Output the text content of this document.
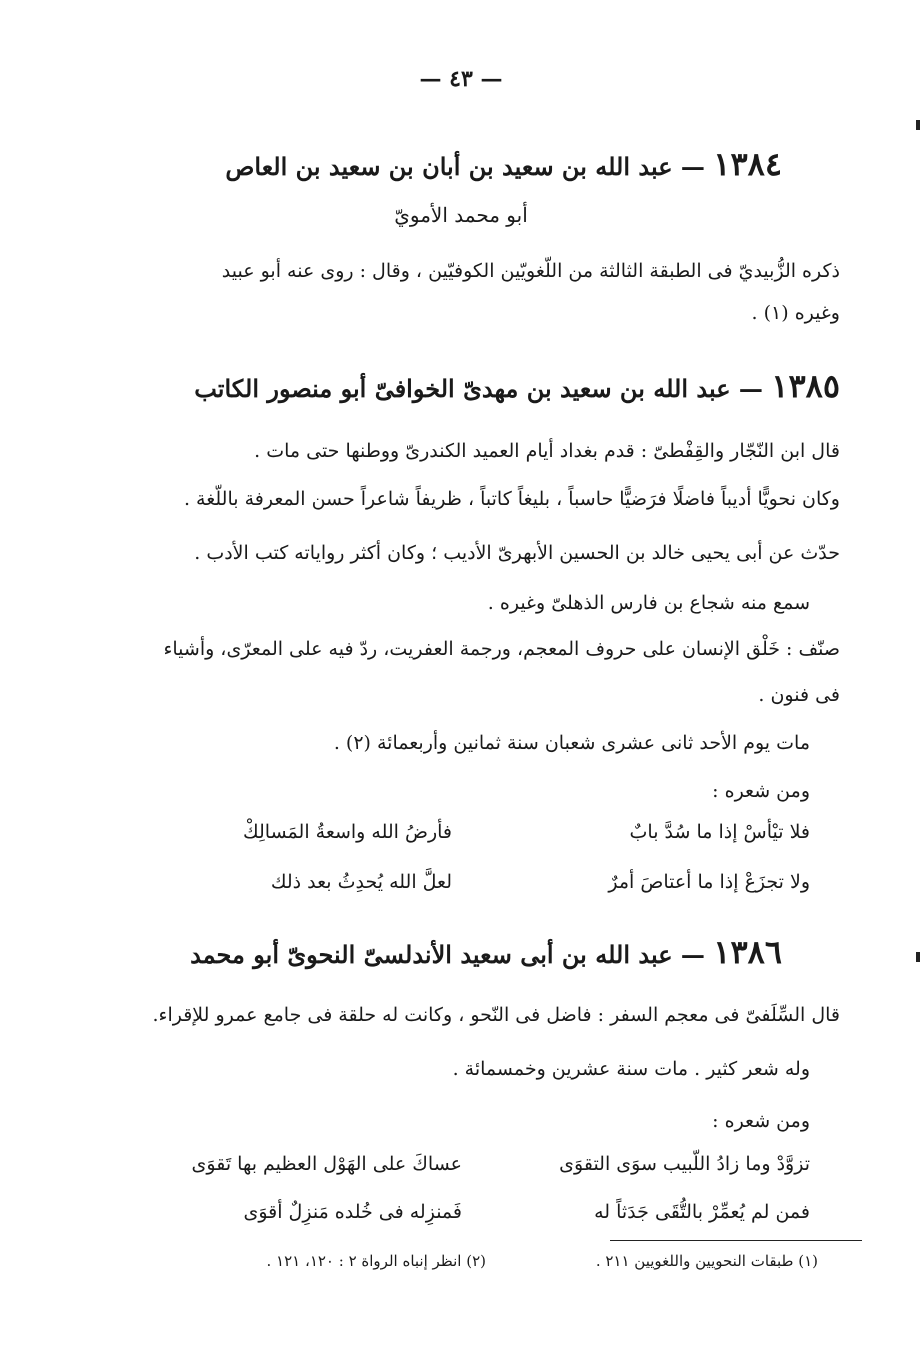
— ٤٣ —
١٣٨٤ — عبد الله بن سعيد بن أبان بن سعيد بن العاص
أبو محمد الأمويّ
ذكره الزُّبيديّ فى الطبقة الثالثة من اللّغويّين الكوفيّين ، وقال : روى عنه أبو عبيد
وغيره (١) .
١٣٨٥ — عبد الله بن سعيد بن مهدىّ الخوافىّ أبو منصور الكاتب
قال ابن النّجّار والقِفْطىّ : قدم بغداد أيام العميد الكندرىّ ووطنها حتى مات .
وكان نحويًّا أديباً فاضلًا فرَضيًّا حاسباً ، بليغاً كاتباً ، ظريفاً شاعراً حسن المعرفة باللّغة .
حدّث عن أبى يحيى خالد بن الحسين الأبهرىّ الأديب ؛ وكان أكثر رواياته كتب الأدب .
سمع منه شجاع بن فارس الذهلىّ وغيره .
صنّف : خَلْق الإنسان على حروف المعجم، ورجمة العفريت، ردّ فيه على المعرّى، وأشياء
فى فنون .
مات يوم الأحد ثانى عشرى شعبان سنة ثمانين وأربعمائة (٢) .
ومن شعره :
فلا تيْأسْ إذا ما سُدَّ بابٌ
فأرضُ الله واسعةُ المَسالِكْ
ولا تجزَعْ إذا ما أعتاصَ أمرٌ
لعلَّ الله يُحدِثُ بعد ذلك
١٣٨٦ — عبد الله بن أبى سعيد الأندلسىّ النحوىّ أبو محمد
قال السِّلَفىّ فى معجم السفر : فاضل فى النّحو ، وكانت له حلقة فى جامع عمرو للإقراء.
وله شعر كثير . مات سنة عشرين وخمسمائة .
ومن شعره :
تزوَّدْ وما زادُ اللّبيب سوَى التقوَى
عساكَ على الهَوْل العظيم بها تَقوَى
فمن لم يُعمِّرْ بالتُّقَى جَدَثاً له
فَمنزِله فى خُلده مَنزِلٌ أقوَى
(١) طبقات النحويين واللغويين ٢١١ .
(٢) انظر إنباه الرواة ٢ : ١٢٠، ١٢١ .
